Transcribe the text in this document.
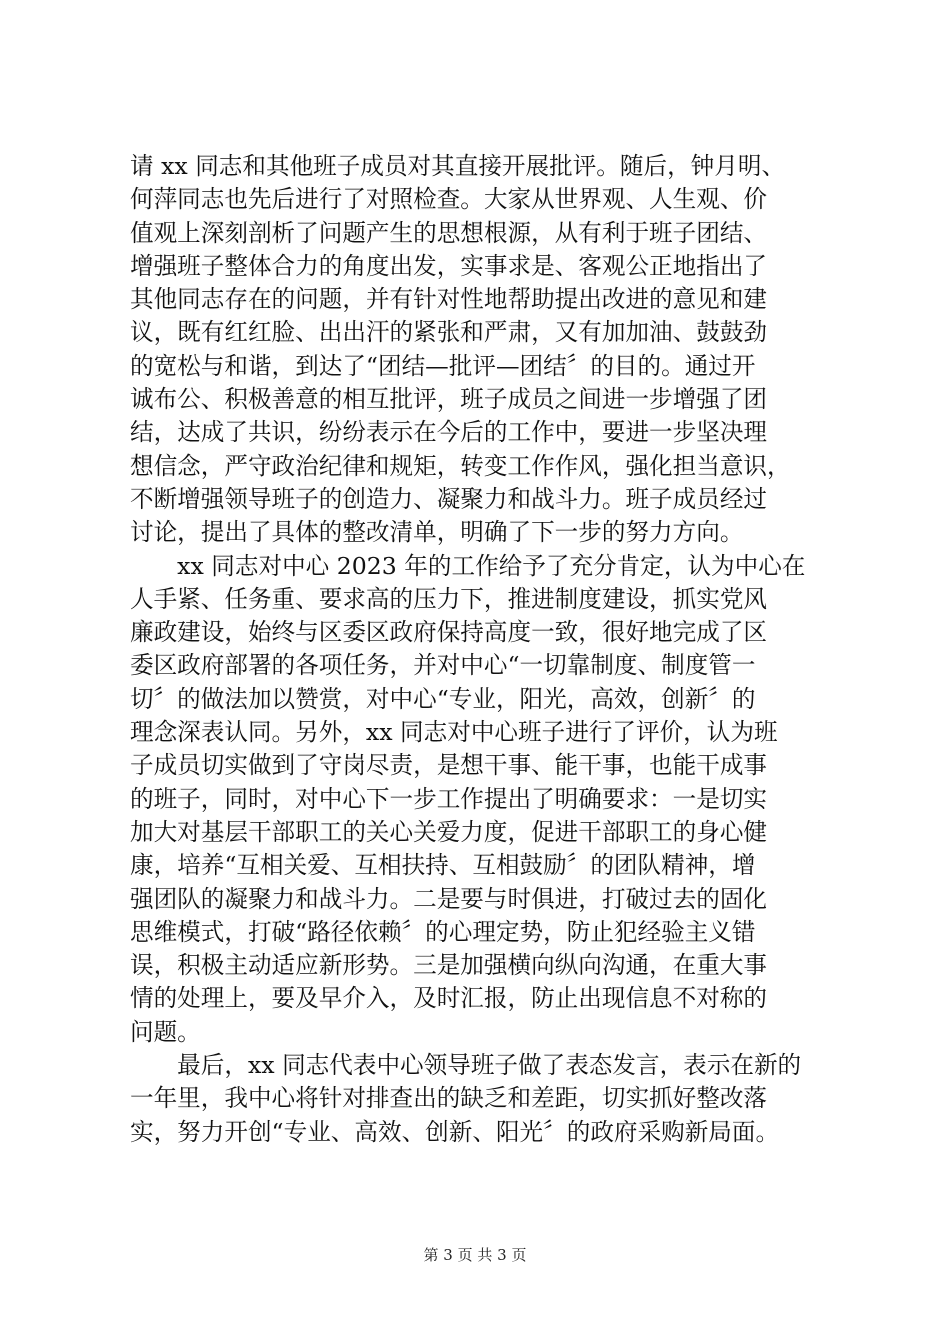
请 xx 同志和其他班子成员对其直接开展批评。随后，钟月明、
何萍同志也先后进行了对照检查。大家从世界观、人生观、价
值观上深刻剖析了问题产生的思想根源，从有利于班子团结、
增强班子整体合力的角度出发，实事求是、客观公正地指出了
其他同志存在的问题，并有针对性地帮助提出改进的意见和建
议，既有红红脸、出出汗的紧张和严肃，又有加加油、鼓鼓劲
的宽松与和谐，到达了“团结—批评—团结〞的目的。通过开
诚布公、积极善意的相互批评，班子成员之间进一步增强了团
结，达成了共识，纷纷表示在今后的工作中，要进一步坚决理
想信念，严守政治纪律和规矩，转变工作作风，强化担当意识，
不断增强领导班子的创造力、凝聚力和战斗力。班子成员经过
讨论，提出了具体的整改清单，明确了下一步的努力方向。
　　xx 同志对中心 2023 年的工作给予了充分肯定，认为中心在
人手紧、任务重、要求高的压力下，推进制度建设，抓实党风
廉政建设，始终与区委区政府保持高度一致，很好地完成了区
委区政府部署的各项任务，并对中心“一切靠制度、制度管一
切〞的做法加以赞赏，对中心“专业，阳光，高效，创新〞的
理念深表认同。另外，xx 同志对中心班子进行了评价，认为班
子成员切实做到了守岗尽责，是想干事、能干事，也能干成事
的班子，同时，对中心下一步工作提出了明确要求：一是切实
加大对基层干部职工的关心关爱力度，促进干部职工的身心健
康，培养“互相关爱、互相扶持、互相鼓励〞的团队精神，增
强团队的凝聚力和战斗力。二是要与时俱进，打破过去的固化
思维模式，打破“路径依赖〞的心理定势，防止犯经验主义错
误，积极主动适应新形势。三是加强横向纵向沟通，在重大事
情的处理上，要及早介入，及时汇报，防止出现信息不对称的
问题。
　　最后，xx 同志代表中心领导班子做了表态发言，表示在新的
一年里，我中心将针对排查出的缺乏和差距，切实抓好整改落
实，努力开创“专业、高效、创新、阳光〞的政府采购新局面。
第 3 页 共 3 页
